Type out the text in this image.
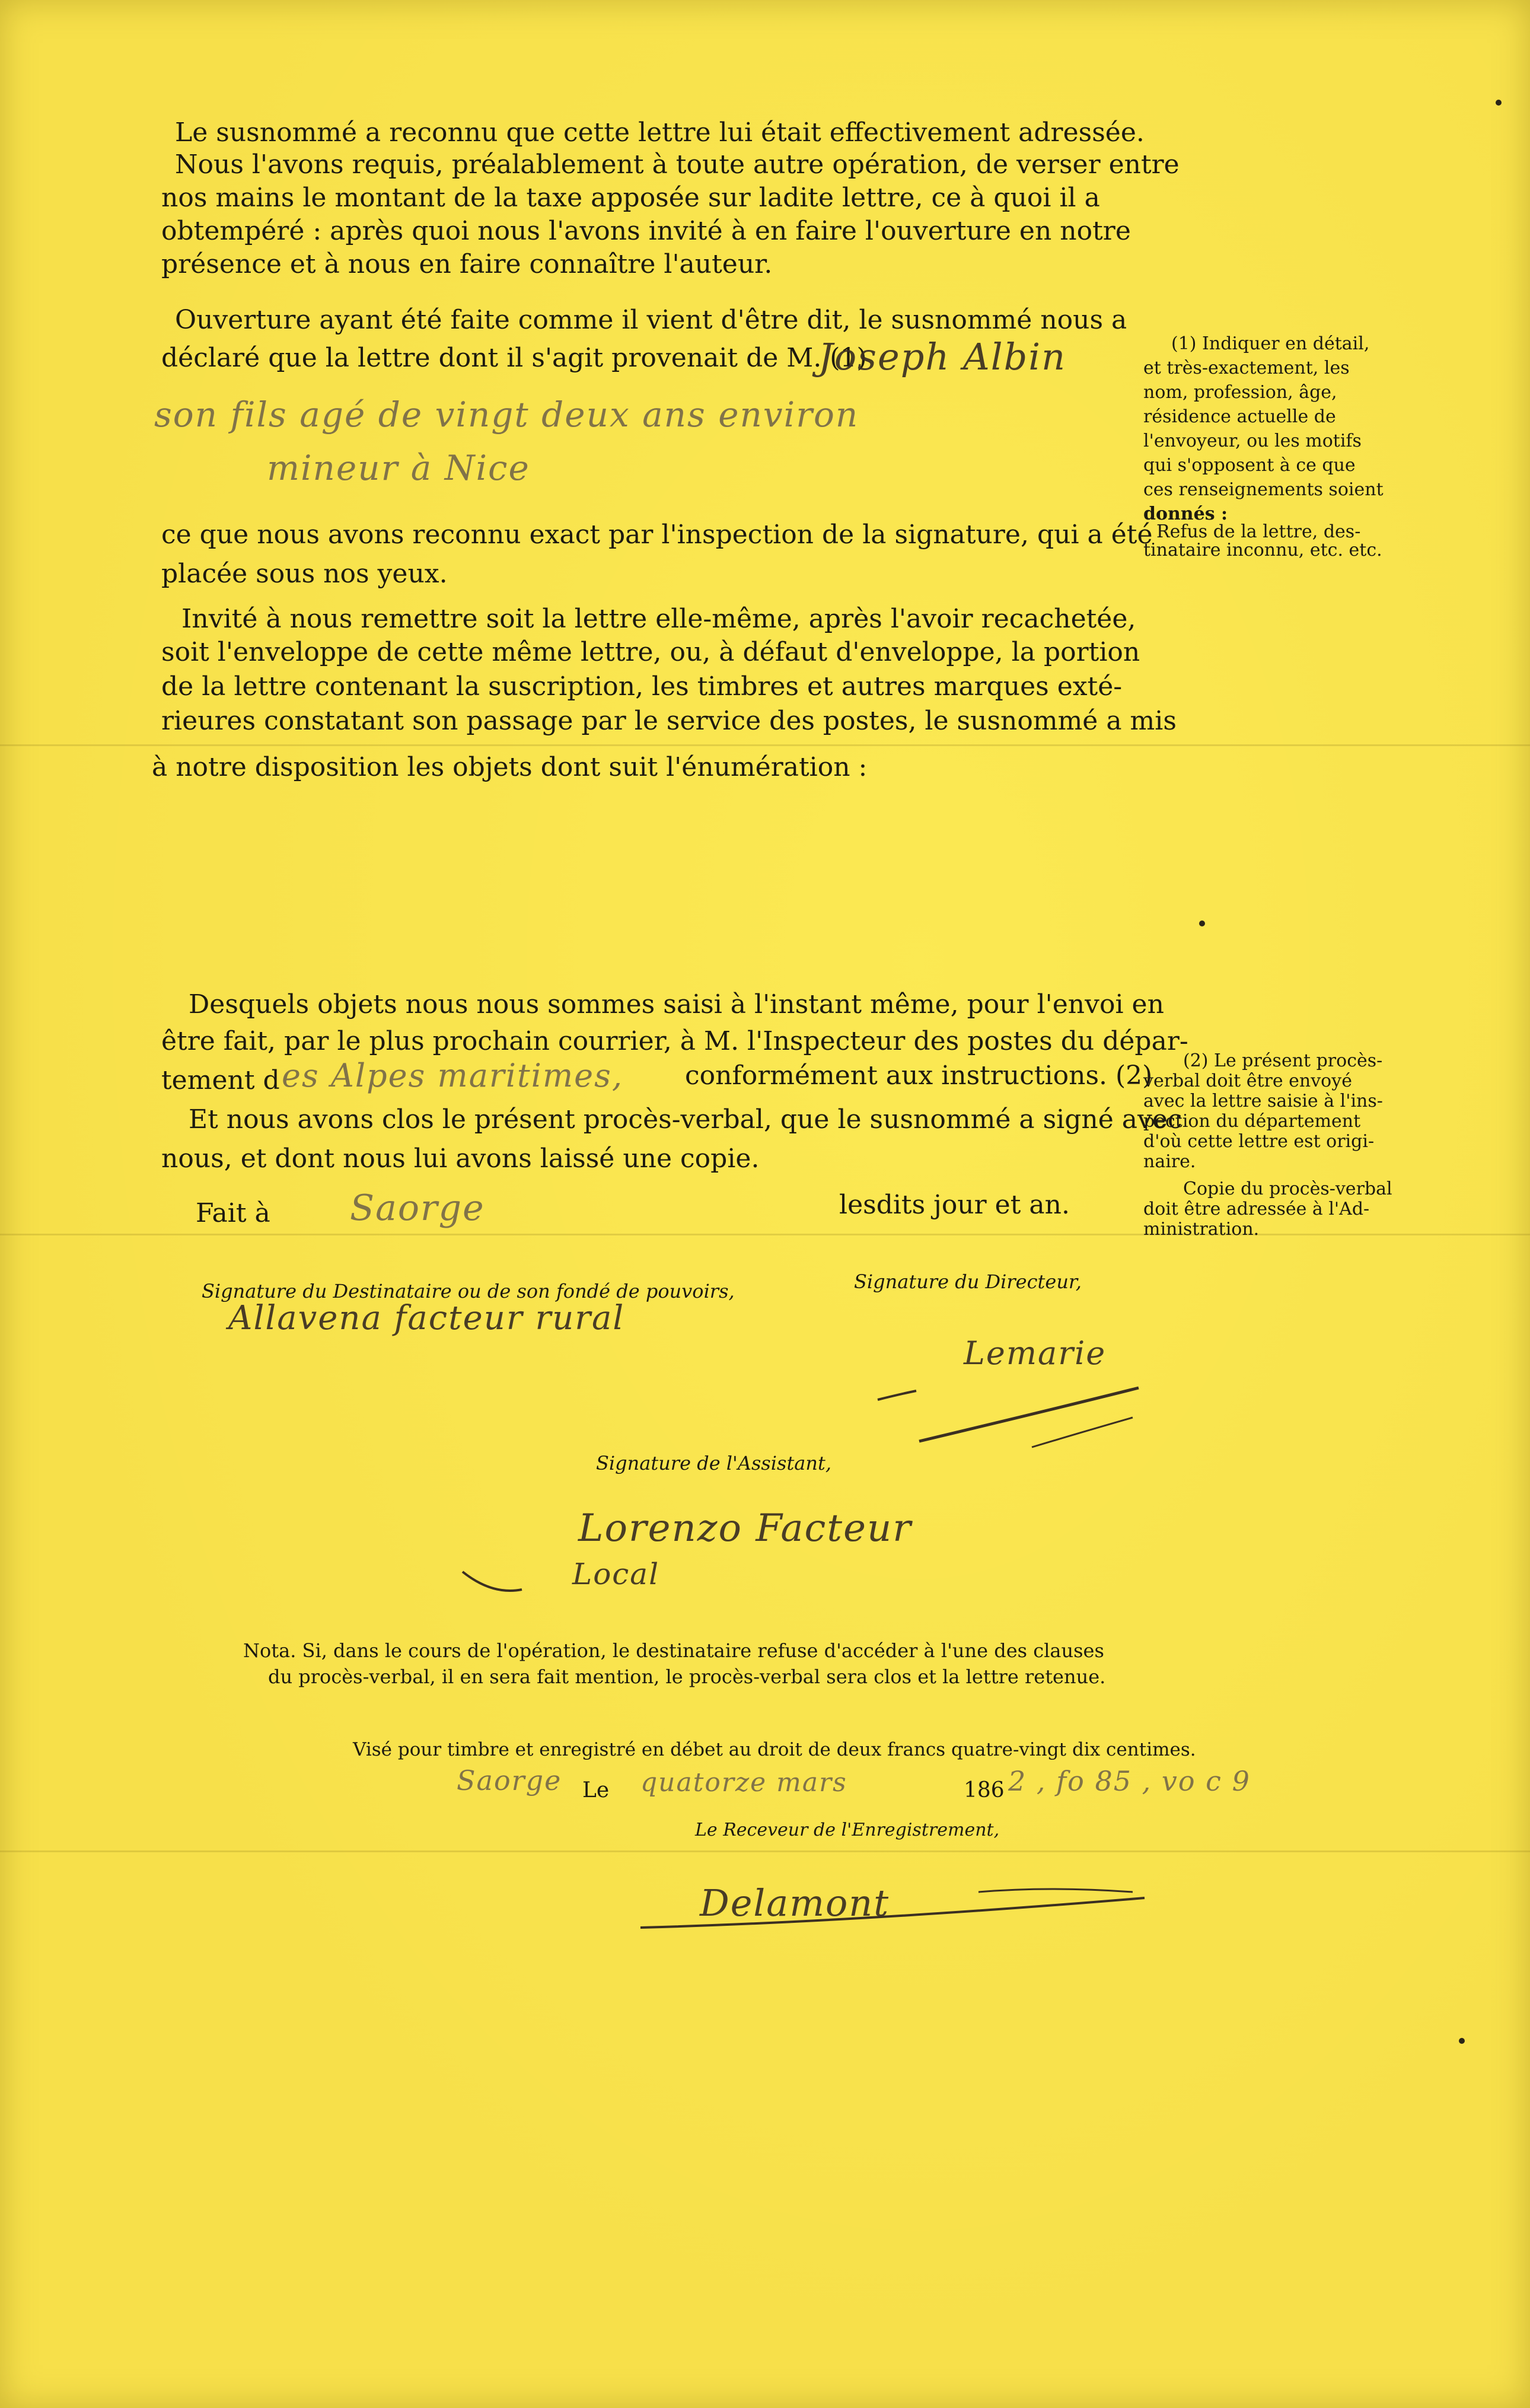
Le susnommé a reconnu que cette lettre lui était effectivement adressée.

Nous l'avons requis, préalablement à toute autre opération, de verser entre

nos mains le montant de la taxe apposée sur ladite lettre, ce à quoi il a

obtempéré : après quoi nous l'avons invité à en faire l'ouverture en notre

présence et à nous en faire connaître l'auteur.

Ouverture ayant été faite comme il vient d'être dit, le susnommé nous a

déclaré que la lettre dont il s'agit provenait de M. (1)

Joseph Albin
son fils agé de vingt deux ans environ
mineur à Nice

ce que nous avons reconnu exact par l'inspection de la signature, qui a été

placée sous nos yeux.

Invité à nous remettre soit la lettre elle-même, après l'avoir recachetée,

soit l'enveloppe de cette même lettre, ou, à défaut d'enveloppe, la portion

de la lettre contenant la suscription, les timbres et autres marques exté-

rieures constatant son passage par le service des postes, le susnommé a mis

à notre disposition les objets dont suit l'énumération :

Desquels objets nous nous sommes saisi à l'instant même, pour l'envoi en

être fait, par le plus prochain courrier, à M. l'Inspecteur des postes du dépar-

tement d es Alpes maritimes, conformément aux instructions. (2)

Et nous avons clos le présent procès-verbal, que le susnommé a signé avec

nous, et dont nous lui avons laissé une copie.

Fait à Saorge	lesdits jour et an.

(1) Indiquer en détail,

et très-exactement, les

nom, profession, âge,

résidence actuelle de

l'envoyeur, ou les motifs

qui s'opposent à ce que

ces renseignements soient

donnés :

Refus de la lettre, des-

tinataire inconnu, etc. etc.

(2) Le présent procès-

verbal doit être envoyé

avec la lettre saisie à l'ins-

pection du département

d'où cette lettre est origi-

naire.

Copie du procès-verbal

doit être adressée à l'Ad-

ministration.

Signature du Destinataire ou de son fondé de pouvoirs,

Allavena facteur rural

Signature du Directeur,

Lemarie

Signature de l'Assistant,

Lorenzo Facteur
Local

Nota. Si, dans le cours de l'opération, le destinataire refuse d'accéder à l'une des clauses

du procès-verbal, il en sera fait mention, le procès-verbal sera clos et la lettre retenue.

Visé pour timbre et enregistré en débet au droit de deux francs quatre-vingt dix centimes.

Saorge Le quatorze mars	186 2 , fo 85 , vo c 9

Le Receveur de l'Enregistrement,

Delamont
